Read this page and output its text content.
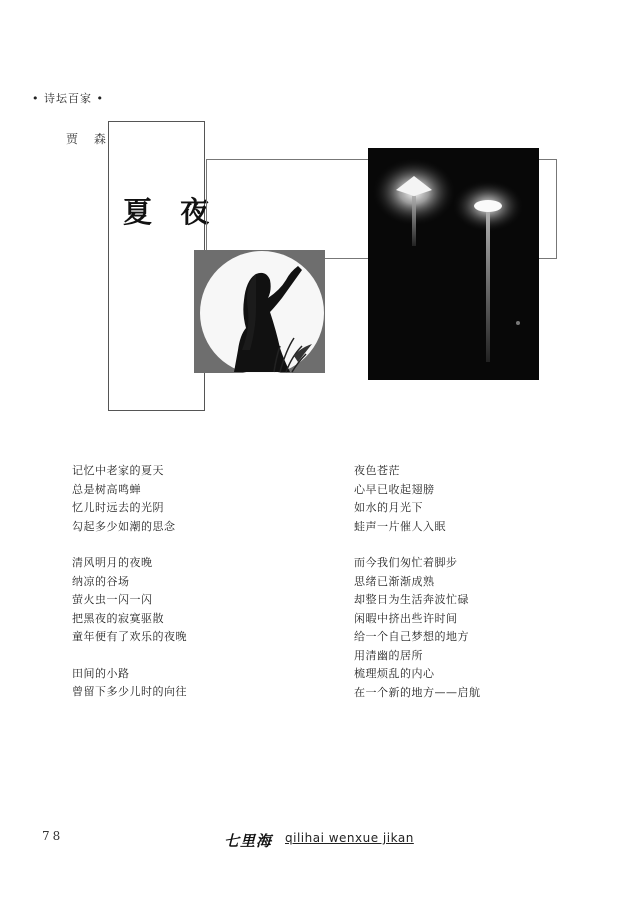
• 诗坛百家 •
贾 森
夏 夜
记忆中老家的夏天
总是树高鸣蝉
忆儿时远去的光阴
勾起多少如潮的思念
清风明月的夜晚
纳凉的谷场
萤火虫一闪一闪
把黑夜的寂寞驱散
童年便有了欢乐的夜晚
田间的小路
曾留下多少儿时的向往
夜色苍茫
心早已收起翅膀
如水的月光下
蛙声一片催人入眠
而今我们匆忙着脚步
思绪已渐渐成熟
却整日为生活奔波忙碌
闲暇中挤出些许时间
给一个自己梦想的地方
用清幽的居所
梳理烦乱的内心
在一个新的地方——启航
78	七里海 qilihai wenxue jikan
